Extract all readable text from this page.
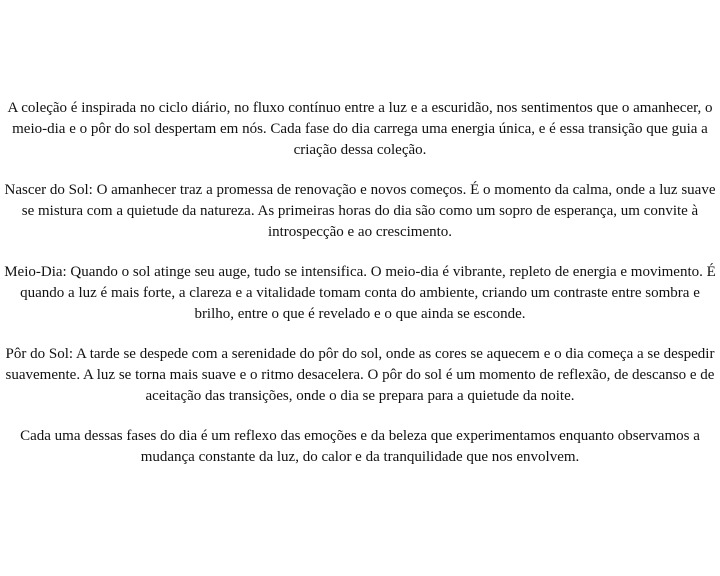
A coleção é inspirada no ciclo diário, no fluxo contínuo entre a luz e a escuridão, nos sentimentos que o amanhecer, o meio-dia e o pôr do sol despertam em nós. Cada fase do dia carrega uma energia única, e é essa transição que guia a criação dessa coleção.

Nascer do Sol: O amanhecer traz a promessa de renovação e novos começos. É o momento da calma, onde a luz suave se mistura com a quietude da natureza. As primeiras horas do dia são como um sopro de esperança, um convite à introspecção e ao crescimento.

Meio-Dia: Quando o sol atinge seu auge, tudo se intensifica. O meio-dia é vibrante, repleto de energia e movimento. É quando a luz é mais forte, a clareza e a vitalidade tomam conta do ambiente, criando um contraste entre sombra e brilho, entre o que é revelado e o que ainda se esconde.

Pôr do Sol: A tarde se despede com a serenidade do pôr do sol, onde as cores se aquecem e o dia começa a se despedir suavemente. A luz se torna mais suave e o ritmo desacelera. O pôr do sol é um momento de reflexão, de descanso e de aceitação das transições, onde o dia se prepara para a quietude da noite.

Cada uma dessas fases do dia é um reflexo das emoções e da beleza que experimentamos enquanto observamos a mudança constante da luz, do calor e da tranquilidade que nos envolvem.
